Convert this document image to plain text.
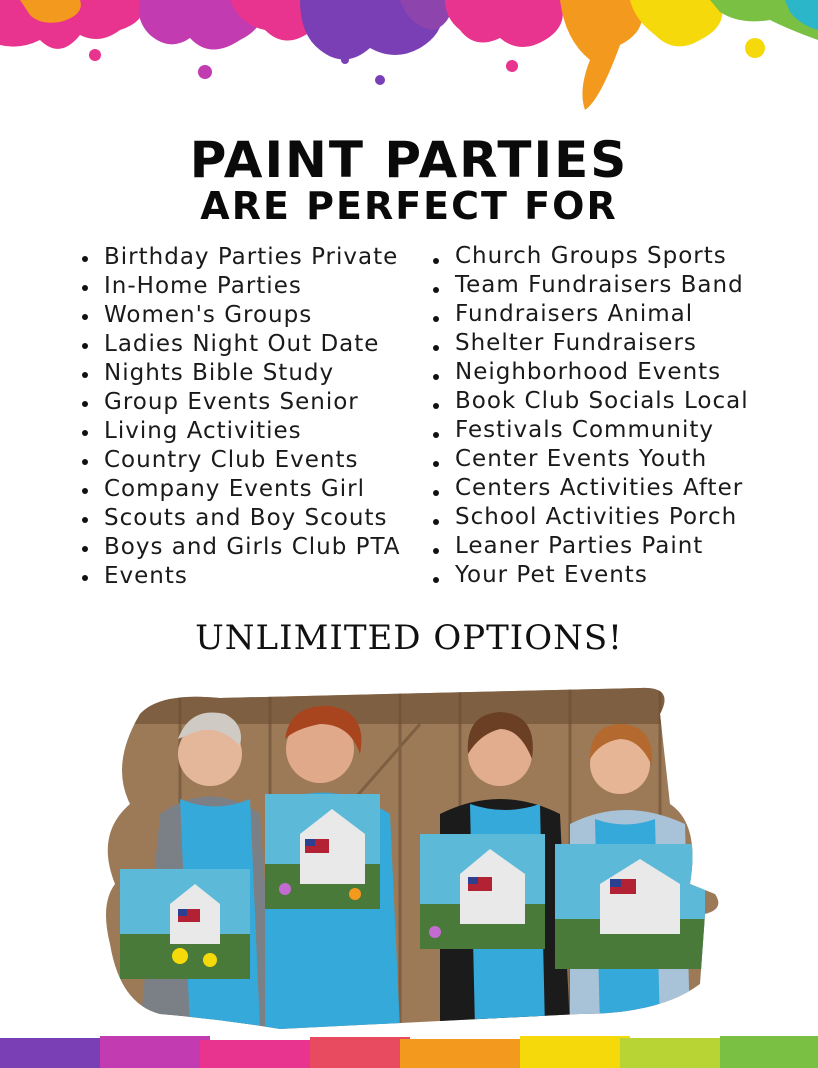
PAINT PARTIES
ARE PERFECT FOR
Birthday Parties Private
In-Home Parties
Women's Groups
Ladies Night Out Date
Nights Bible Study
Group Events Senior
Living Activities
Country Club Events
Company Events Girl
Scouts and Boy Scouts
Boys and Girls Club PTA
Events
Church Groups Sports
Team Fundraisers Band
Fundraisers Animal
Shelter Fundraisers
Neighborhood Events
Book Club Socials Local
Festivals Community
Center Events Youth
Centers Activities After
School Activities Porch
Leaner Parties Paint
Your Pet Events
UNLIMITED OPTIONS!
